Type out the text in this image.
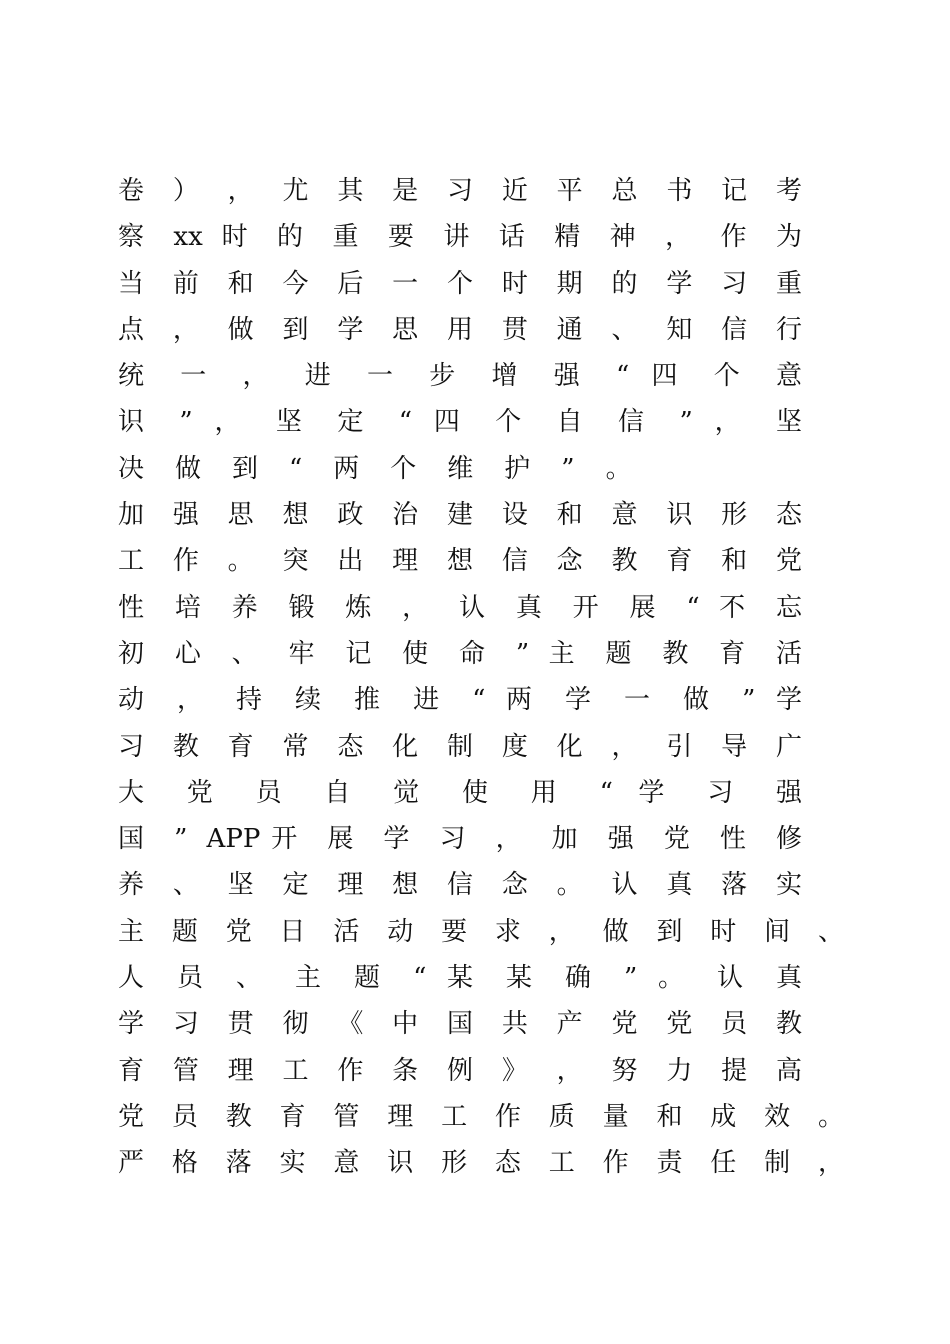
卷 ） ， 尤 其 是 习 近 平 总 书 记 考
察 xx 时 的 重 要 讲 话 精 神 ， 作 为
当 前 和 今 后 一 个 时 期 的 学 习 重
点 ， 做 到 学 思 用 贯 通 、 知 信 行
统 一 ， 进 一 步 增 强 “ 四 个 意
识 ” ， 坚 定 “ 四 个 自 信 ” ， 坚
决做到“两个维护”。
加 强 思 想 政 治 建 设 和 意 识 形 态
工 作 。 突 出 理 想 信 念 教 育 和 党
性 培 养 锻 炼 ， 认 真 开 展 “ 不 忘
初 心 、 牢 记 使 命 ” 主 题 教 育 活
动 ， 持 续 推 进 “ 两 学 一 做 ” 学
习 教 育 常 态 化 制 度 化 ， 引 导 广
大 党 员 自 觉 使 用 “ 学 习 强
国 ” APP开 展 学 习 ， 加 强 党 性 修
养 、 坚 定 理 想 信 念 。 认 真 落 实
主 题 党 日 活 动 要 求 ， 做 到 时 间 、
人 员 、 主 题 “ 某 某 确 ” 。 认 真
学 习 贯 彻 《 中 国 共 产 党 党 员 教
育 管 理 工 作 条 例 》 ， 努 力 提 高
党 员 教 育 管 理 工 作 质 量 和 成 效 。
严 格 落 实 意 识 形 态 工 作 责 任 制 ，
